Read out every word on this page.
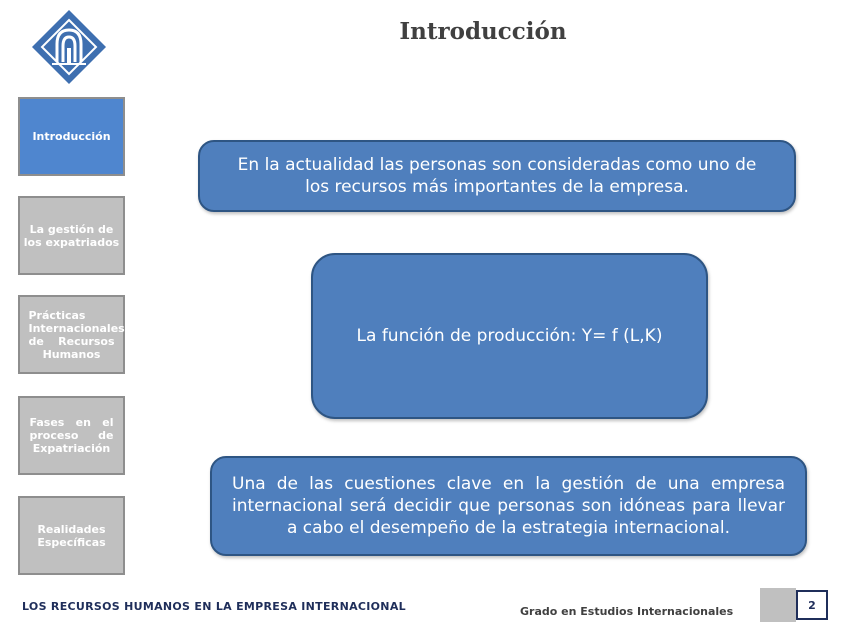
Introducción
Introducción
La gestión de los expatriados
Prácticas Internacionales de Recursos Humanos
Fases en el proceso de Expatriación
Realidades Específicas
En la actualidad las personas son consideradas como uno de los recursos más importantes de la empresa.
La función de producción: Y= f (L,K)
Una de las cuestiones clave en la gestión de una empresa internacional será decidir que personas son idóneas para llevar a cabo el desempeño de la estrategia internacional.
LOS RECURSOS HUMANOS EN LA EMPRESA INTERNACIONAL	Grado en Estudios Internacionales	2
